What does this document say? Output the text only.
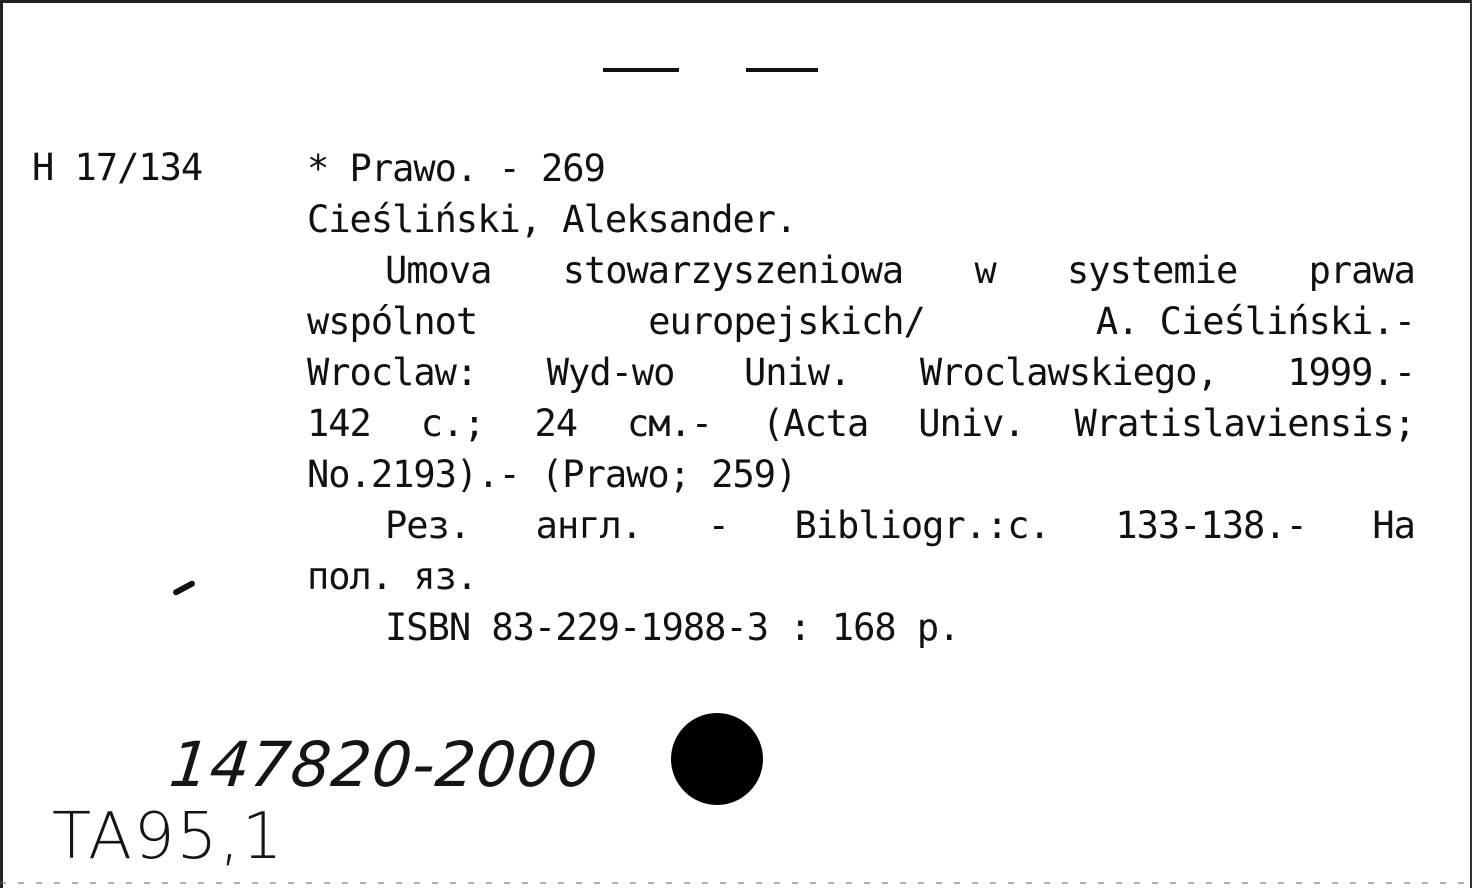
H 17/134	* Prawo. - 269
Cieśliński, Aleksander.
Umova stowarzyszeniowa w systemie prawa
wspólnot	europejskich/	A. Cieśliński.-
Wroclaw: Wyd-wo Uniw. Wroclawskiego, 1999.-
142 c.; 24 см.- (Acta Univ. Wratislaviensis;
No.2193).- (Prawo; 259)
Рез. англ. - Bibliogr.:c. 133-138.- На
пол. яз.
ISBN 83-229-1988-3 : 168 р.
147820-2000
TA95,1
